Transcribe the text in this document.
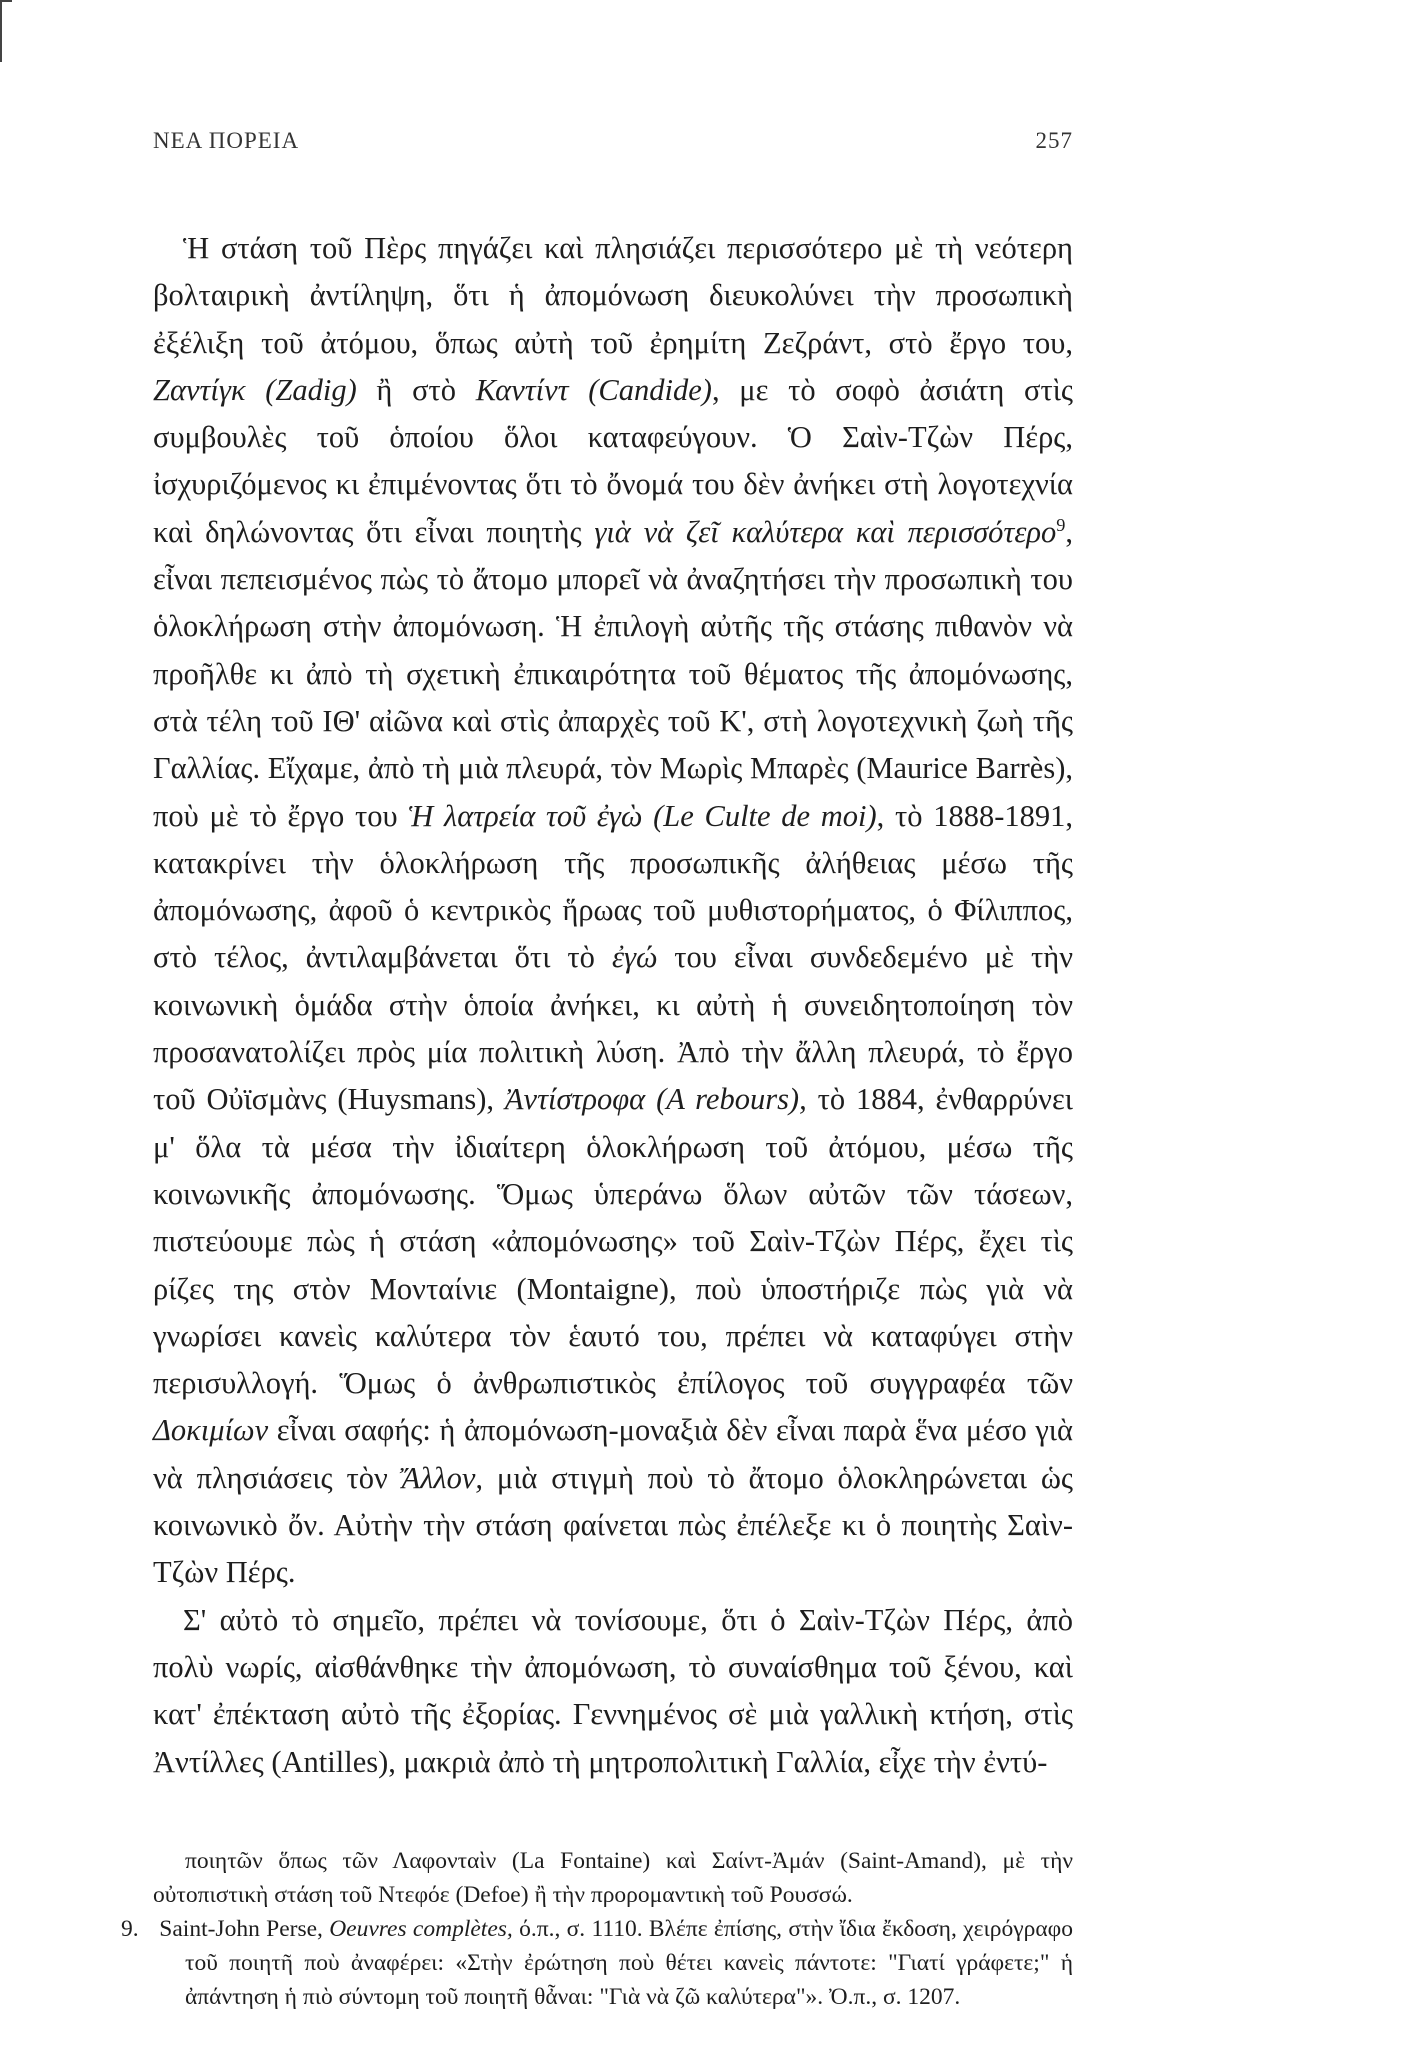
ΝΕΑ ΠΟΡΕΙΑ	257

Ἡ στάση τοῦ Πὲρς πηγάζει καὶ πλησιάζει περισσότερο μὲ τὴ νεότερη βολταιρικὴ ἀντίληψη, ὅτι ἡ ἀπομόνωση διευκολύνει τὴν προσωπικὴ ἐξέλιξη τοῦ ἀτόμου, ὅπως αὐτὴ τοῦ ἐρημίτη Ζεζράντ, στὸ ἔργο του, Ζαντίγκ (Zadig) ἢ στὸ Καντίντ (Candide), με τὸ σοφὸ ἀσιάτη στὶς συμβουλὲς τοῦ ὁποίου ὅλοι καταφεύγουν. Ὁ Σαὶν-Τζὼν Πέρς, ἰσχυριζόμενος κι ἐπιμένοντας ὅτι τὸ ὄνομά του δὲν ἀνήκει στὴ λογοτεχνία καὶ δηλώνοντας ὅτι εἶναι ποιητὴς γιὰ νὰ ζεῖ καλύτερα καὶ περισσότερο$^9$, εἶναι πεπεισμένος πὼς τὸ ἄτομο μπορεῖ νὰ ἀναζητήσει τὴν προσωπικὴ του ὁλοκλήρωση στὴν ἀπομόνωση. Ἡ ἐπιλογὴ αὐτῆς τῆς στάσης πιθανὸν νὰ προῆλθε κι ἀπὸ τὴ σχετικὴ ἐπικαιρότητα τοῦ θέματος τῆς ἀπομόνωσης, στὰ τέλη τοῦ ΙΘ' αἰῶνα καὶ στὶς ἀπαρχὲς τοῦ Κ', στὴ λογοτεχνικὴ ζωὴ τῆς Γαλλίας. Εἴχαμε, ἀπὸ τὴ μιὰ πλευρά, τὸν Μωρὶς Μπαρὲς (Maurice Barrès), ποὺ μὲ τὸ ἔργο του Ἡ λατρεία τοῦ ἐγὼ (Le Culte de moi), τὸ 1888-1891, κατακρίνει τὴν ὁλοκλήρωση τῆς προσωπικῆς ἀλήθειας μέσω τῆς ἀπομόνωσης, ἀφοῦ ὁ κεντρικὸς ἥρωας τοῦ μυθιστορήματος, ὁ Φίλιππος, στὸ τέλος, ἀντιλαμβάνεται ὅτι τὸ ἐγώ του εἶναι συνδεδεμένο μὲ τὴν κοινωνικὴ ὁμάδα στὴν ὁποία ἀνήκει, κι αὐτὴ ἡ συνειδητοποίηση τὸν προσανατολίζει πρὸς μία πολιτικὴ λύση. Ἀπὸ τὴν ἄλλη πλευρά, τὸ ἔργο τοῦ Οὐϊσμὰνς (Huysmans), Ἀντίστροφα (A rebours), τὸ 1884, ἐνθαρρύνει μ' ὅλα τὰ μέσα τὴν ἰδιαίτερη ὁλοκλήρωση τοῦ ἀτόμου, μέσω τῆς κοινωνικῆς ἀπομόνωσης. Ὅμως ὑπεράνω ὅλων αὐτῶν τῶν τάσεων, πιστεύουμε πὼς ἡ στάση «ἀπομόνωσης» τοῦ Σαὶν-Τζὼν Πέρς, ἔχει τὶς ρίζες της στὸν Μονταίνιε (Montaigne), ποὺ ὑποστήριζε πὼς γιὰ νὰ γνωρίσει κανεὶς καλύτερα τὸν ἑαυτό του, πρέπει νὰ καταφύγει στὴν περισυλλογή. Ὅμως ὁ ἀνθρωπιστικὸς ἐπίλογος τοῦ συγγραφέα τῶν Δοκιμίων εἶναι σαφής: ἡ ἀπομόνωση-μοναξιὰ δὲν εἶναι παρὰ ἕνα μέσο γιὰ νὰ πλησιάσεις τὸν Ἄλλον, μιὰ στιγμὴ ποὺ τὸ ἄτομο ὁλοκληρώνεται ὡς κοινωνικὸ ὄν. Αὐτὴν τὴν στάση φαίνεται πὼς ἐπέλεξε κι ὁ ποιητὴς Σαὶν-Τζὼν Πέρς.

Σ' αὐτὸ τὸ σημεῖο, πρέπει νὰ τονίσουμε, ὅτι ὁ Σαὶν-Τζὼν Πέρς, ἀπὸ πολὺ νωρίς, αἰσθάνθηκε τὴν ἀπομόνωση, τὸ συναίσθημα τοῦ ξένου, καὶ κατ' ἐπέκταση αὐτὸ τῆς ἐξορίας. Γεννημένος σὲ μιὰ γαλλικὴ κτήση, στὶς Ἀντίλλες (Antilles), μακριὰ ἀπὸ τὴ μητροπολιτικὴ Γαλλία, εἶχε τὴν ἐντύ-

ποιητῶν ὅπως τῶν Λαφονταὶν (La Fontaine) καὶ Σαίντ-Ἀμάν (Saint-Amand), μὲ τὴν οὐτοπιστικὴ στάση τοῦ Ντεφόε (Defoe) ἢ τὴν προρομαντικὴ τοῦ Ρουσσώ.

9. Saint-John Perse, Oeuvres complètes, ό.π., σ. 1110. Βλέπε ἐπίσης, στὴν ἴδια ἔκδοση, χειρόγραφο τοῦ ποιητῆ ποὺ ἀναφέρει: «Στὴν ἐρώτηση ποὺ θέτει κανεὶς πάντοτε: "Γιατί γράφετε;" ἡ ἀπάντηση ἡ πιὸ σύντομη τοῦ ποιητῆ θἆναι: "Γιὰ νὰ ζῶ καλύτερα"». Ὀ.π., σ. 1207.
